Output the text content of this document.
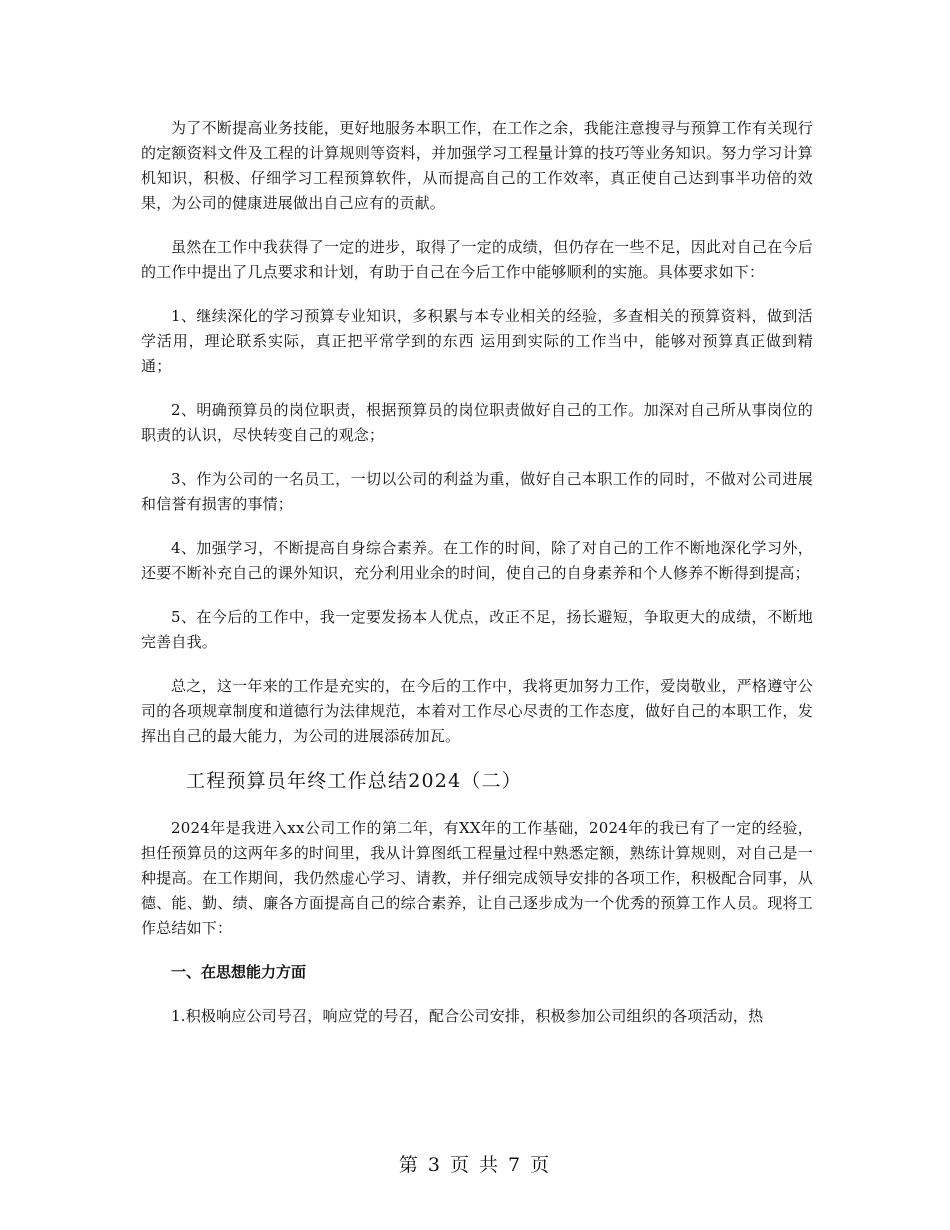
为了不断提高业务技能，更好地服务本职工作，在工作之余，我能注意搜寻与预算工作有关现行的定额资料文件及工程的计算规则等资料，并加强学习工程量计算的技巧等业务知识。努力学习计算机知识，积极、仔细学习工程预算软件，从而提高自己的工作效率，真正使自己达到事半功倍的效果，为公司的健康进展做出自己应有的贡献。

虽然在工作中我获得了一定的进步，取得了一定的成绩，但仍存在一些不足，因此对自己在今后的工作中提出了几点要求和计划，有助于自己在今后工作中能够顺利的实施。具体要求如下：

1、继续深化的学习预算专业知识，多积累与本专业相关的经验，多查相关的预算资料，做到活学活用，理论联系实际，真正把平常学到的东西 运用到实际的工作当中，能够对预算真正做到精通；

2、明确预算员的岗位职责，根据预算员的岗位职责做好自己的工作。加深对自己所从事岗位的职责的认识，尽快转变自己的观念；

3、作为公司的一名员工，一切以公司的利益为重，做好自己本职工作的同时，不做对公司进展和信誉有损害的事情；

4、加强学习，不断提高自身综合素养。在工作的时间，除了对自己的工作不断地深化学习外，还要不断补充自己的课外知识，充分利用业余的时间，使自己的自身素养和个人修养不断得到提高；

5、在今后的工作中，我一定要发扬本人优点，改正不足，扬长避短，争取更大的成绩，不断地完善自我。

总之，这一年来的工作是充实的，在今后的工作中，我将更加努力工作，爱岗敬业，严格遵守公司的各项规章制度和道德行为法律规范，本着对工作尽心尽责的工作态度，做好自己的本职工作，发挥出自己的最大能力，为公司的进展添砖加瓦。

工程预算员年终工作总结2024（二）

2024年是我进入xx公司工作的第二年，有XX年的工作基础，2024年的我已有了一定的经验，担任预算员的这两年多的时间里，我从计算图纸工程量过程中熟悉定额，熟练计算规则，对自己是一种提高。在工作期间，我仍然虚心学习、请教，并仔细完成领导安排的各项工作，积极配合同事，从德、能、勤、绩、廉各方面提高自己的综合素养，让自己逐步成为一个优秀的预算工作人员。现将工作总结如下：

一、在思想能力方面

1.积极响应公司号召，响应党的号召，配合公司安排，积极参加公司组织的各项活动，热

第 3 页 共 7 页
